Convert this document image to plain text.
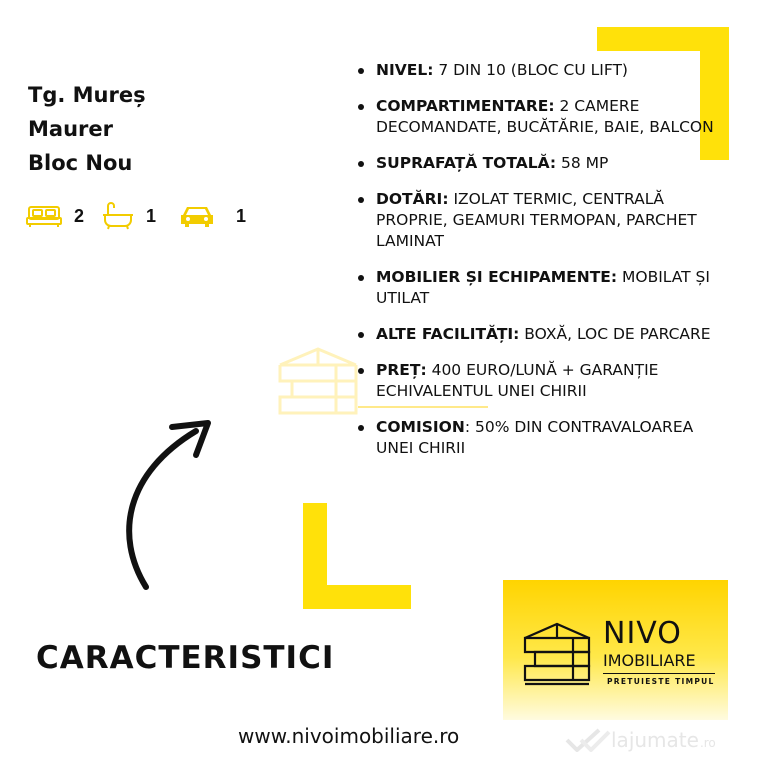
Tg. Mureș
Maurer
Bloc Nou
2	1	1
NIVEL: 7 DIN 10 (BLOC CU LIFT)
COMPARTIMENTARE: 2 CAMERE DECOMANDATE, BUCĂTĂRIE, BAIE, BALCON
SUPRAFAȚĂ TOTALĂ: 58 MP
DOTĂRI: IZOLAT TERMIC, CENTRALĂ PROPRIE, GEAMURI TERMOPAN, PARCHET LAMINAT
MOBILIER ȘI ECHIPAMENTE: MOBILAT ȘI UTILAT
ALTE FACILITĂȚI: BOXĂ, LOC DE PARCARE
PREȚ: 400 EURO/LUNĂ + GARANȚIE ECHIVALENTUL UNEI CHIRII
COMISION: 50% DIN CONTRAVALOAREA UNEI CHIRII
CARACTERISTICI
NIVO
IMOBILIARE
PRETUIESTE TIMPUL
www.nivoimobiliare.ro	lajumate .ro
